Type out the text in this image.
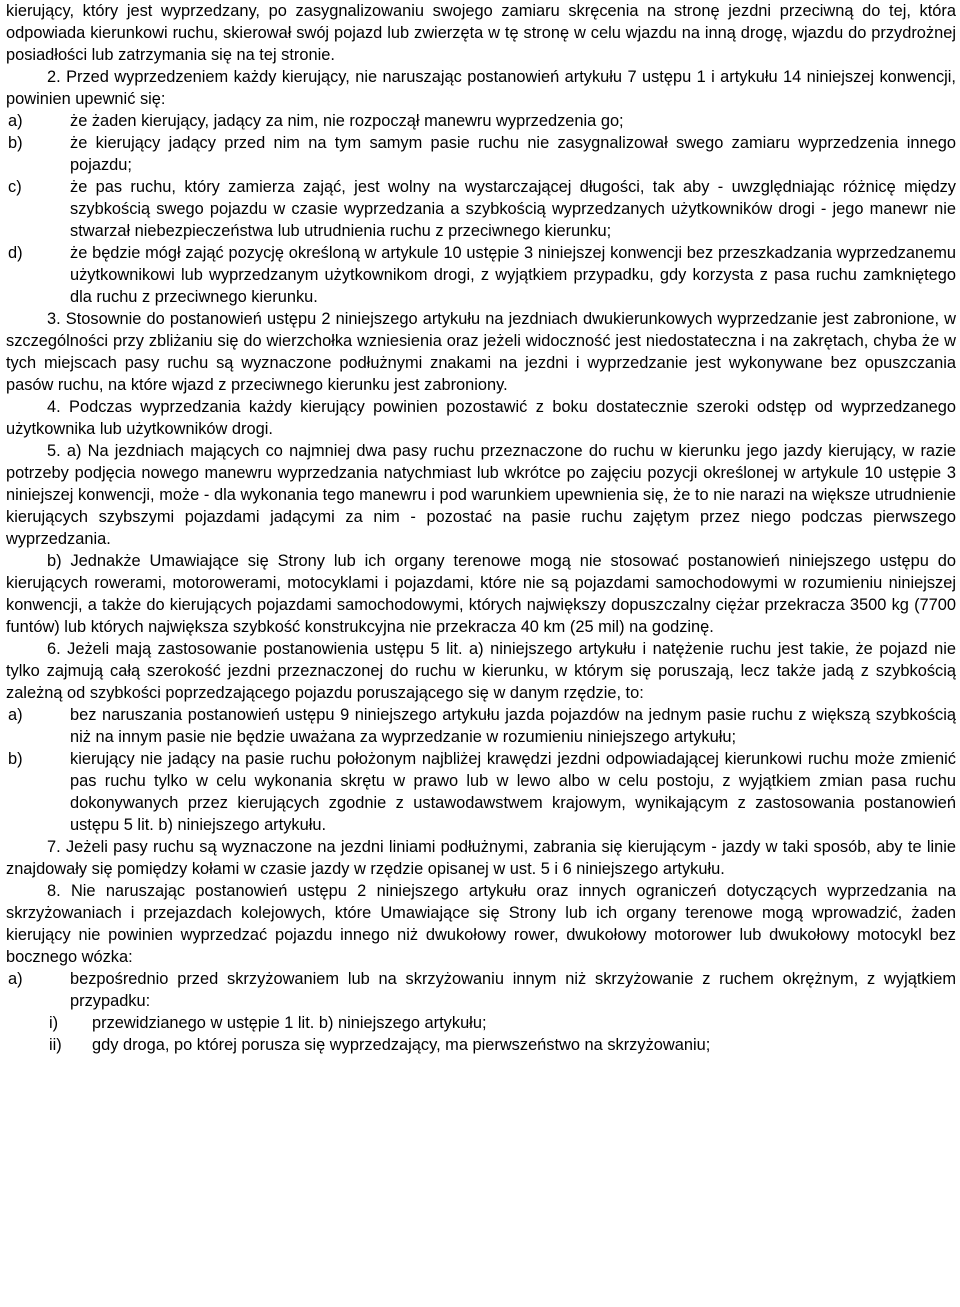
kierujący, który jest wyprzedzany, po zasygnalizowaniu swojego zamiaru skręcenia na stronę jezdni przeciwną do tej, która odpowiada kierunkowi ruchu, skierował swój pojazd lub zwierzęta w tę stronę w celu wjazdu na inną drogę, wjazdu do przydrożnej posiadłości lub zatrzymania się na tej stronie.

2. Przed wyprzedzeniem każdy kierujący, nie naruszając postanowień artykułu 7 ustępu 1 i artykułu 14 niniejszej konwencji, powinien upewnić się:

a)	że żaden kierujący, jadący za nim, nie rozpoczął manewru wyprzedzenia go;
b)	że kierujący jadący przed nim na tym samym pasie ruchu nie zasygnalizował swego zamiaru wyprzedzenia innego pojazdu;
c)	że pas ruchu, który zamierza zająć, jest wolny na wystarczającej długości, tak aby - uwzględniając różnicę między szybkością swego pojazdu w czasie wyprzedzania a szybkością wyprzedzanych użytkowników drogi - jego manewr nie stwarzał niebezpieczeństwa lub utrudnienia ruchu z przeciwnego kierunku;
d)	że będzie mógł zająć pozycję określoną w artykule 10 ustępie 3 niniejszej konwencji bez przeszkadzania wyprzedzanemu użytkownikowi lub wyprzedzanym użytkownikom drogi, z wyjątkiem przypadku, gdy korzysta z pasa ruchu zamkniętego dla ruchu z przeciwnego kierunku.

3. Stosownie do postanowień ustępu 2 niniejszego artykułu na jezdniach dwukierunkowych wyprzedzanie jest zabronione, w szczególności przy zbliżaniu się do wierzchołka wzniesienia oraz jeżeli widoczność jest niedostateczna i na zakrętach, chyba że w tych miejscach pasy ruchu są wyznaczone podłużnymi znakami na jezdni i wyprzedzanie jest wykonywane bez opuszczania pasów ruchu, na które wjazd z przeciwnego kierunku jest zabroniony.

4. Podczas wyprzedzania każdy kierujący powinien pozostawić z boku dostatecznie szeroki odstęp od wyprzedzanego użytkownika lub użytkowników drogi.

5. a) Na jezdniach mających co najmniej dwa pasy ruchu przeznaczone do ruchu w kierunku jego jazdy kierujący, w razie potrzeby podjęcia nowego manewru wyprzedzania natychmiast lub wkrótce po zajęciu pozycji określonej w artykule 10 ustępie 3 niniejszej konwencji, może - dla wykonania tego manewru i pod warunkiem upewnienia się, że to nie narazi na większe utrudnienie kierujących szybszymi pojazdami jadącymi za nim - pozostać na pasie ruchu zajętym przez niego podczas pierwszego wyprzedzania.

b) Jednakże Umawiające się Strony lub ich organy terenowe mogą nie stosować postanowień niniejszego ustępu do kierujących rowerami, motorowerami, motocyklami i pojazdami, które nie są pojazdami samochodowymi w rozumieniu niniejszej konwencji, a także do kierujących pojazdami samochodowymi, których największy dopuszczalny ciężar przekracza 3500 kg (7700 funtów) lub których największa szybkość konstrukcyjna nie przekracza 40 km (25 mil) na godzinę.

6. Jeżeli mają zastosowanie postanowienia ustępu 5 lit. a) niniejszego artykułu i natężenie ruchu jest takie, że pojazd nie tylko zajmują całą szerokość jezdni przeznaczonej do ruchu w kierunku, w którym się poruszają, lecz także jadą z szybkością zależną od szybkości poprzedzającego pojazdu poruszającego się w danym rzędzie, to:

a)	bez naruszania postanowień ustępu 9 niniejszego artykułu jazda pojazdów na jednym pasie ruchu z większą szybkością niż na innym pasie nie będzie uważana za wyprzedzanie w rozumieniu niniejszego artykułu;
b)	kierujący nie jadący na pasie ruchu położonym najbliżej krawędzi jezdni odpowiadającej kierunkowi ruchu może zmienić pas ruchu tylko w celu wykonania skrętu w prawo lub w lewo albo w celu postoju, z wyjątkiem zmian pasa ruchu dokonywanych przez kierujących zgodnie z ustawodawstwem krajowym, wynikającym z zastosowania postanowień ustępu 5 lit. b) niniejszego artykułu.

7. Jeżeli pasy ruchu są wyznaczone na jezdni liniami podłużnymi, zabrania się kierującym - jazdy w taki sposób, aby te linie znajdowały się pomiędzy kołami w czasie jazdy w rzędzie opisanej w ust. 5 i 6 niniejszego artykułu.

8. Nie naruszając postanowień ustępu 2 niniejszego artykułu oraz innych ograniczeń dotyczących wyprzedzania na skrzyżowaniach i przejazdach kolejowych, które Umawiające się Strony lub ich organy terenowe mogą wprowadzić, żaden kierujący nie powinien wyprzedzać pojazdu innego niż dwukołowy rower, dwukołowy motorower lub dwukołowy motocykl bez bocznego wózka:

a)	bezpośrednio przed skrzyżowaniem lub na skrzyżowaniu innym niż skrzyżowanie z ruchem okrężnym, z wyjątkiem przypadku:
i)	przewidzianego w ustępie 1 lit. b) niniejszego artykułu;
ii)	gdy droga, po której porusza się wyprzedzający, ma pierwszeństwo na skrzyżowaniu;
